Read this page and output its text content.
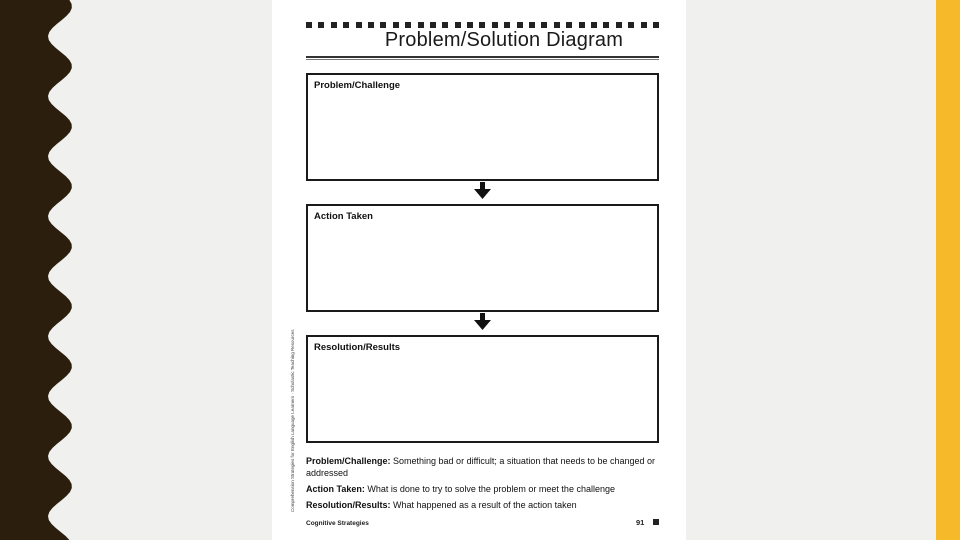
Problem/Solution Diagram
Problem/Challenge
Action Taken
Resolution/Results
Comprehension Strategies for English Language Learners · Scholastic Teaching Resources Problem/Challenge: Something bad or difficult; a situation that needs to be changed or addressed

Action Taken: What is done to try to solve the problem or meet the challenge

Resolution/Results: What happened as a result of the action taken

Cognitive Strategies	91
